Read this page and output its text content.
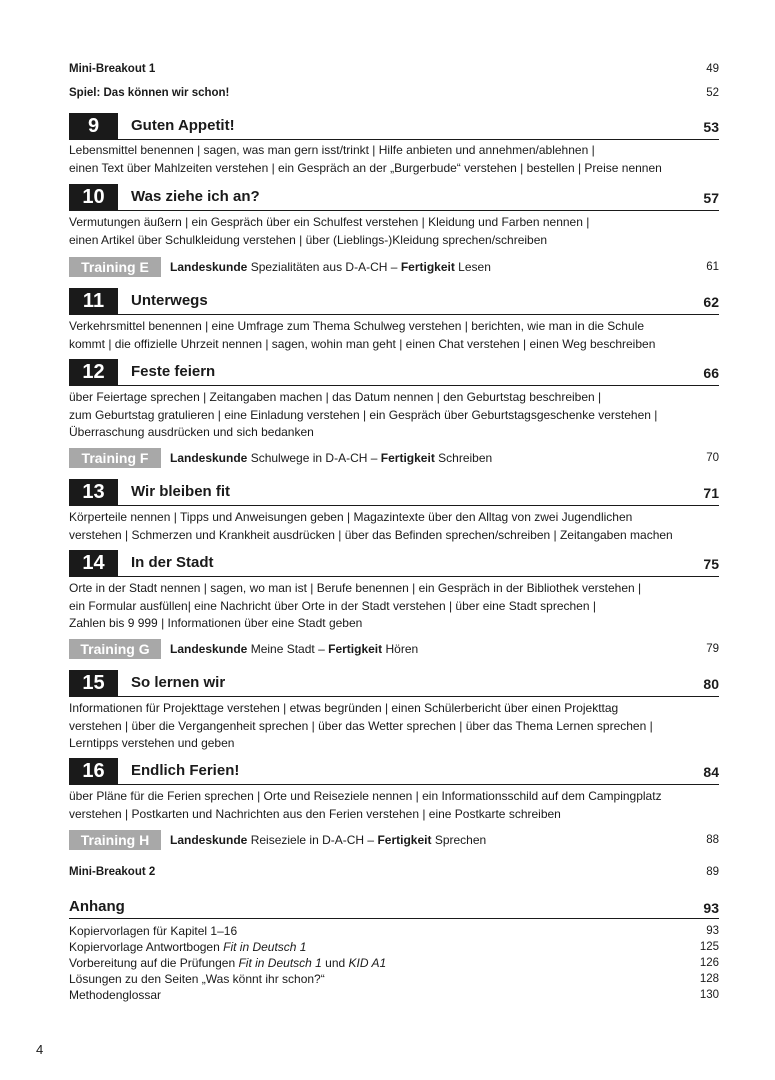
Mini-Breakout 1	49
Spiel: Das können wir schon!	52
9	Guten Appetit!	53
Lebensmittel benennen | sagen, was man gern isst/trinkt | Hilfe anbieten und annehmen/ablehnen |
einen Text über Mahlzeiten verstehen | ein Gespräch an der „Burgerbude“ verstehen | bestellen | Preise nennen
10	Was ziehe ich an?	57
Vermutungen äußern | ein Gespräch über ein Schulfest verstehen | Kleidung und Farben nennen |
einen Artikel über Schulkleidung verstehen | über (Lieblings-)Kleidung sprechen/schreiben
Training E	Landeskunde Spezialitäten aus D-A-CH – Fertigkeit Lesen	61
11	Unterwegs	62
Verkehrsmittel benennen | eine Umfrage zum Thema Schulweg verstehen | berichten, wie man in die Schule
kommt | die offizielle Uhrzeit nennen | sagen, wohin man geht | einen Chat verstehen | einen Weg beschreiben
12	Feste feiern	66
über Feiertage sprechen | Zeitangaben machen | das Datum nennen | den Geburtstag beschreiben |
zum Geburtstag gratulieren | eine Einladung verstehen | ein Gespräch über Geburtstagsgeschenke verstehen |
Überraschung ausdrücken und sich bedanken
Training F	Landeskunde Schulwege in D-A-CH – Fertigkeit Schreiben	70
13	Wir bleiben fit	71
Körperteile nennen | Tipps und Anweisungen geben | Magazintexte über den Alltag von zwei Jugendlichen
verstehen | Schmerzen und Krankheit ausdrücken | über das Befinden sprechen/schreiben | Zeitangaben machen
14	In der Stadt	75
Orte in der Stadt nennen | sagen, wo man ist | Berufe benennen | ein Gespräch in der Bibliothek verstehen |
ein Formular ausfüllen| eine Nachricht über Orte in der Stadt verstehen | über eine Stadt sprechen |
Zahlen bis 9 999 | Informationen über eine Stadt geben
Training G	Landeskunde Meine Stadt – Fertigkeit Hören	79
15	So lernen wir	80
Informationen für Projekttage verstehen | etwas begründen | einen Schülerbericht über einen Projekttag
verstehen | über die Vergangenheit sprechen | über das Wetter sprechen | über das Thema Lernen sprechen |
Lerntipps verstehen und geben
16	Endlich Ferien!	84
über Pläne für die Ferien sprechen | Orte und Reiseziele nennen | ein Informationsschild auf dem Campingplatz
verstehen | Postkarten und Nachrichten aus den Ferien verstehen | eine Postkarte schreiben
Training H	Landeskunde Reiseziele in D-A-CH – Fertigkeit Sprechen	88
Mini-Breakout 2	89
Anhang	93
Kopiervorlagen für Kapitel 1–16	93
Kopiervorlage Antwortbogen Fit in Deutsch 1	125
Vorbereitung auf die Prüfungen Fit in Deutsch 1 und KID A1	126
Lösungen zu den Seiten „Was könnt ihr schon?“	128
Methodenglossar	130
4
